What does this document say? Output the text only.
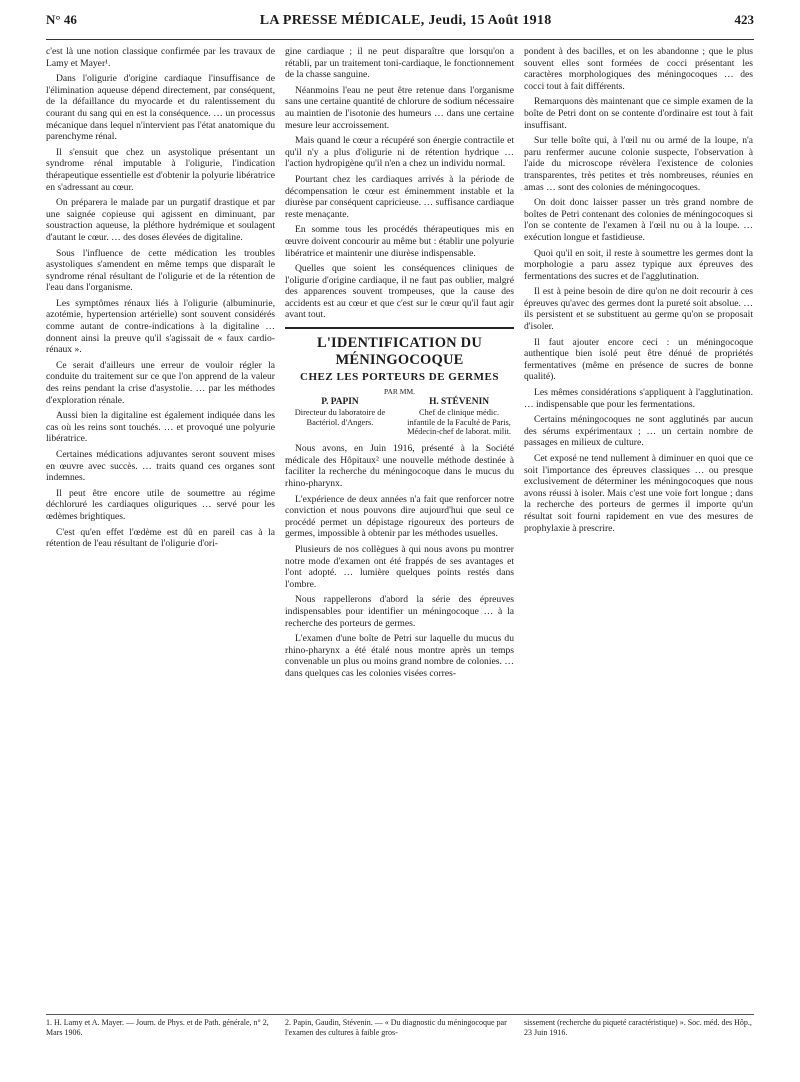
N° 46	LA PRESSE MÉDICALE, Jeudi, 15 Août 1918	423

c'est là une notion classique confirmée par les travaux de Lamy et Mayer¹.

Dans l'oligurie d'origine cardiaque l'insuffisance de l'élimination aqueuse dépend directement, par conséquent, de la défaillance du myocarde et du ralentissement du courant du sang qui en est la conséquence. … un processus mécanique dans lequel n'intervient pas l'état anatomique du parenchyme rénal.

Il s'ensuit que chez un asystolique présentant un syndrome rénal imputable à l'oligurie, l'indication thérapeutique essentielle est d'obtenir la polyurie libératrice en s'adressant au cœur.

On préparera le malade par un purgatif drastique et par une saignée copieuse qui agissent en diminuant, par soustraction aqueuse, la pléthore hydrémique et soulagent d'autant le cœur. … des doses élevées de digitaline.

Sous l'influence de cette médication les troubles asystoliques s'amendent en même temps que disparaît le syndrome rénal résultant de l'oligurie et de la rétention de l'eau dans l'organisme.

Les symptômes rénaux liés à l'oligurie (albuminurie, azotémie, hypertension artérielle) sont souvent considérés comme autant de contre-indications à la digitaline … donnent ainsi la preuve qu'il s'agissait de « faux cardio-rénaux ».

Ce serait d'ailleurs une erreur de vouloir régler la conduite du traitement sur ce que l'on apprend de la valeur des reins pendant la crise d'asystolie. … par les méthodes d'exploration rénale.

Aussi bien la digitaline est également indiquée dans les cas où les reins sont touchés. … et provoqué une polyurie libératrice.

Certaines médications adjuvantes seront souvent mises en œuvre avec succès. … traits quand ces organes sont indemnes.

Il peut être encore utile de soumettre au régime déchloruré les cardiaques oliguriques … servé pour les œdèmes brightiques.

C'est qu'en effet l'œdème est dû en pareil cas à la rétention de l'eau résultant de l'oligurie d'ori-

gine cardiaque ; il ne peut disparaître que lorsqu'on a rétabli, par un traitement toni-cardiaque, le fonctionnement de la chasse sanguine.

Néanmoins l'eau ne peut être retenue dans l'organisme sans une certaine quantité de chlorure de sodium nécessaire au maintien de l'isotonie des humeurs … dans une certaine mesure leur accroissement.

Mais quand le cœur a récupéré son énergie contractile et qu'il n'y a plus d'oligurie ni de rétention hydrique … l'action hydropigène qu'il n'en a chez un individu normal.

Pourtant chez les cardiaques arrivés à la période de décompensation le cœur est éminemment instable et la diurèse par conséquent capricieuse. … suffisance cardiaque reste menaçante.

En somme tous les procédés thérapeutiques mis en œuvre doivent concourir au même but : établir une polyurie libératrice et maintenir une diurèse indispensable.

Quelles que soient les conséquences cliniques de l'oligurie d'origine cardiaque, il ne faut pas oublier, malgré des apparences souvent trompeuses, que la cause des accidents est au cœur et que c'est sur le cœur qu'il faut agir avant tout.

L'IDENTIFICATION DU MÉNINGOCOQUE
CHEZ LES PORTEURS DE GERMES
PAR MM.
P. PAPIN
Directeur du laboratoire de Bactériol. d'Angers.
H. STÉVENIN
Chef de clinique médic. infantile de la Faculté de Paris, Médecin-chef de laborat. milit.

Nous avons, en Juin 1916, présenté à la Société médicale des Hôpitaux² une nouvelle méthode destinée à faciliter la recherche du méningocoque dans le mucus du rhino-pharynx.

L'expérience de deux années n'a fait que renforcer notre conviction et nous pouvons dire aujourd'hui que seul ce procédé permet un dépistage rigoureux des porteurs de germes, impossible à obtenir par les méthodes usuelles.

Plusieurs de nos collègues à qui nous avons pu montrer notre mode d'examen ont été frappés de ses avantages et l'ont adopté. … lumière quelques points restés dans l'ombre.

Nous rappellerons d'abord la série des épreuves indispensables pour identifier un méningocoque … à la recherche des porteurs de germes.

L'examen d'une boîte de Petri sur laquelle du mucus du rhino-pharynx a été étalé nous montre après un temps convenable un plus ou moins grand nombre de colonies. … dans quelques cas les colonies visées corres-

pondent à des bacilles, et on les abandonne ; que le plus souvent elles sont formées de cocci présentant les caractères morphologiques des méningocoques … des cocci tout à fait différents.

Remarquons dès maintenant que ce simple examen de la boîte de Petri dont on se contente d'ordinaire est tout à fait insuffisant.

Sur telle boîte qui, à l'œil nu ou armé de la loupe, n'a paru renfermer aucune colonie suspecte, l'observation à l'aide du microscope révèlera l'existence de colonies transparentes, très petites et très nombreuses, réunies en amas … sont des colonies de méningocoques.

On doit donc laisser passer un très grand nombre de boîtes de Petri contenant des colonies de méningocoques si l'on se contente de l'examen à l'œil nu ou à la loupe. … exécution longue et fastidieuse.

Quoi qu'il en soit, il reste à soumettre les germes dont la morphologie a paru assez typique aux épreuves des fermentations des sucres et de l'agglutination.

Il est à peine besoin de dire qu'on ne doit recourir à ces épreuves qu'avec des germes dont la pureté soit absolue. … ils persistent et se substituent au germe qu'on se proposait d'isoler.

Il faut ajouter encore ceci : un méningocoque authentique bien isolé peut être dénué de propriétés fermentatives (même en présence de sucres de bonne qualité).

Les mêmes considérations s'appliquent à l'agglutination. … indispensable que pour les fermentations.

Certains méningocoques ne sont agglutinés par aucun des sérums expérimentaux ; … un certain nombre de passages en milieux de culture.

Cet exposé ne tend nullement à diminuer en quoi que ce soit l'importance des épreuves classiques … ou presque exclusivement de déterminer les méningocoques que nous avons réussi à isoler. Mais c'est une voie fort longue ; dans la recherche des porteurs de germes il importe qu'un résultat soit fourni rapidement en vue des mesures de prophylaxie à prescrire.

1. H. Lamy et A. Mayer. — Journ. de Phys. et de Path. générale, n° 2, Mars 1906.
2. Papin, Gaudin, Stévenin. — « Du diagnostic du méningocoque par l'examen des cultures à faible gros-
sissement (recherche du piqueté caractéristique) ». Soc. méd. des Hôp., 23 Juin 1916.
